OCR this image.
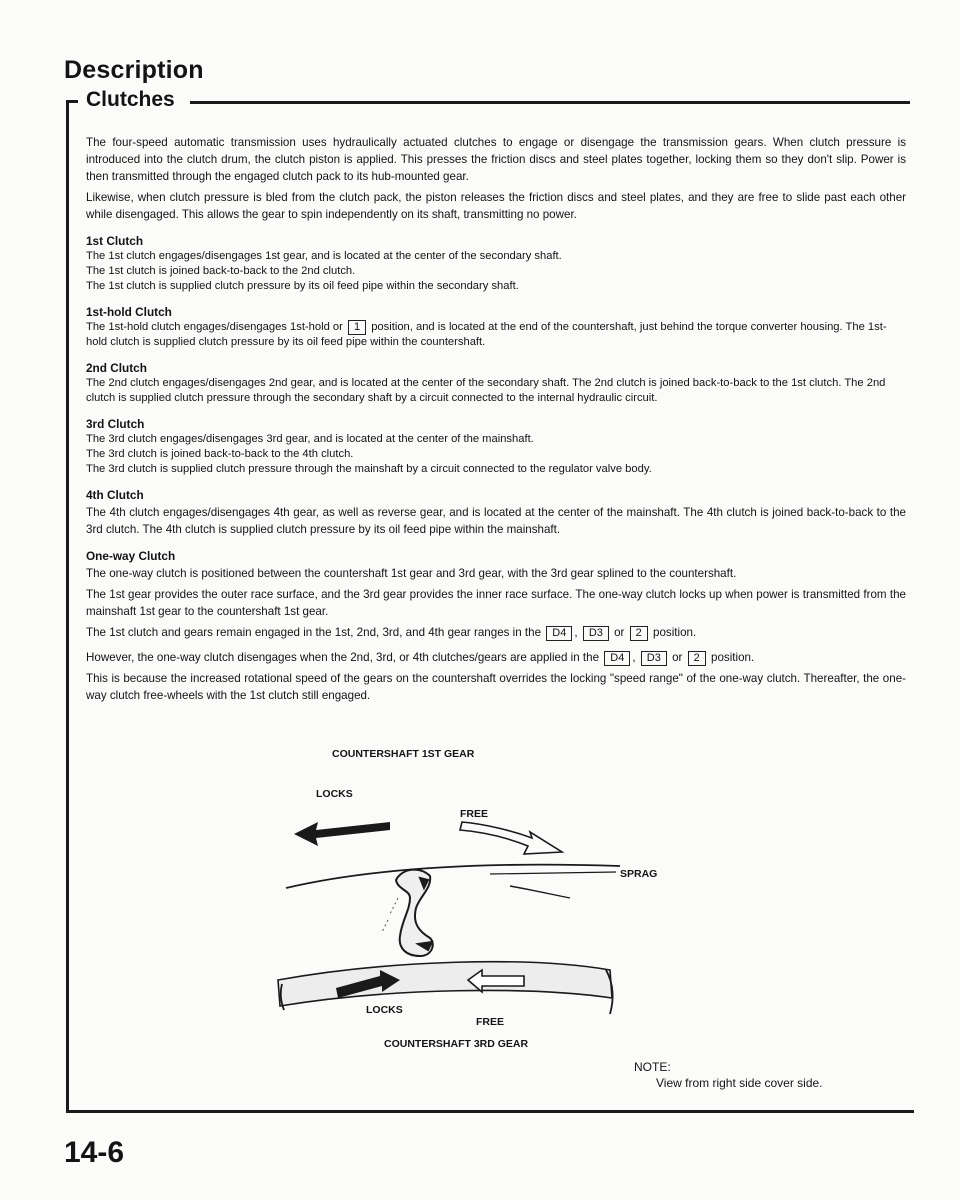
Description
Clutches

The four-speed automatic transmission uses hydraulically actuated clutches to engage or disengage the transmission gears. When clutch pressure is introduced into the clutch drum, the clutch piston is applied. This presses the friction discs and steel plates together, locking them so they don't slip. Power is then transmitted through the engaged clutch pack to its hub-mounted gear.

Likewise, when clutch pressure is bled from the clutch pack, the piston releases the friction discs and steel plates, and they are free to slide past each other while disengaged. This allows the gear to spin independently on its shaft, transmitting no power.

1st Clutch
The 1st clutch engages/disengages 1st gear, and is located at the center of the secondary shaft.
The 1st clutch is joined back-to-back to the 2nd clutch.
The 1st clutch is supplied clutch pressure by its oil feed pipe within the secondary shaft.
1st-hold Clutch
The 1st-hold clutch engages/disengages 1st-hold or 1 position, and is located at the end of the countershaft, just behind the torque converter housing. The 1st-hold clutch is supplied clutch pressure by its oil feed pipe within the countershaft.
2nd Clutch
The 2nd clutch engages/disengages 2nd gear, and is located at the center of the secondary shaft. The 2nd clutch is joined back-to-back to the 1st clutch. The 2nd clutch is supplied clutch pressure through the secondary shaft by a circuit connected to the internal hydraulic circuit.
3rd Clutch
The 3rd clutch engages/disengages 3rd gear, and is located at the center of the mainshaft.
The 3rd clutch is joined back-to-back to the 4th clutch.
The 3rd clutch is supplied clutch pressure through the mainshaft by a circuit connected to the regulator valve body.
4th Clutch

The 4th clutch engages/disengages 4th gear, as well as reverse gear, and is located at the center of the mainshaft. The 4th clutch is joined back-to-back to the 3rd clutch. The 4th clutch is supplied clutch pressure by its oil feed pipe within the mainshaft.

One-way Clutch

The one-way clutch is positioned between the countershaft 1st gear and 3rd gear, with the 3rd gear splined to the countershaft.

The 1st gear provides the outer race surface, and the 3rd gear provides the inner race surface. The one-way clutch locks up when power is transmitted from the mainshaft 1st gear to the countershaft 1st gear.

The 1st clutch and gears remain engaged in the 1st, 2nd, 3rd, and 4th gear ranges in the D4 , D3 or 2 position.

However, the one-way clutch disengages when the 2nd, 3rd, or 4th clutches/gears are applied in the D4 , D3 or 2 position.

This is because the increased rotational speed of the gears on the countershaft overrides the locking "speed range" of the one-way clutch. Thereafter, the one-way clutch free-wheels with the 1st clutch still engaged.

COUNTERSHAFT 1ST GEAR
LOCKS
FREE
SPRAG
LOCKS
FREE
COUNTERSHAFT 3RD GEAR
NOTE:
View from right side cover side.
14-6
